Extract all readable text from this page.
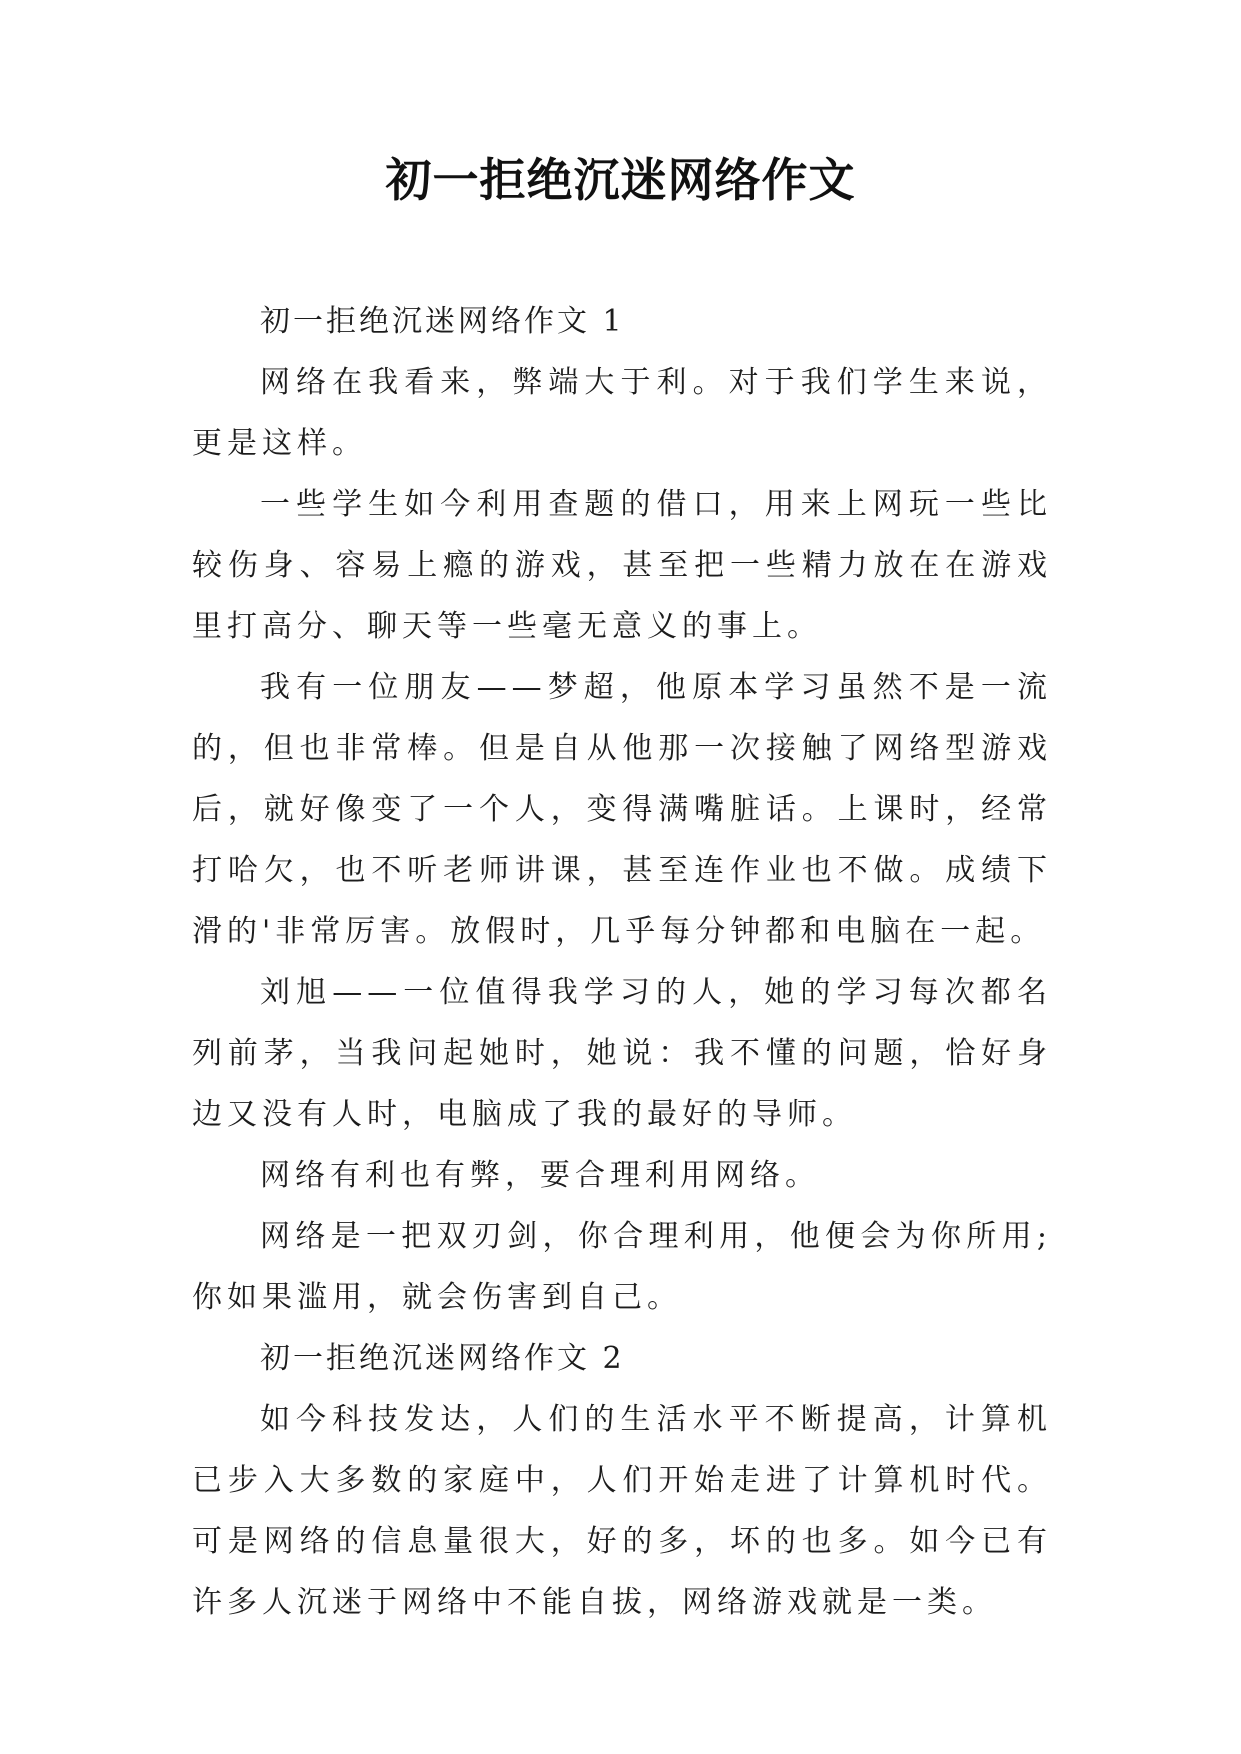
初一拒绝沉迷网络作文

初一拒绝沉迷网络作文 1

网络在我看来，弊端大于利。对于我们学生来说，更是这样。

一些学生如今利用查题的借口，用来上网玩一些比较伤身、容易上瘾的游戏，甚至把一些精力放在在游戏里打高分、聊天等一些毫无意义的事上。

我有一位朋友——梦超，他原本学习虽然不是一流的，但也非常棒。但是自从他那一次接触了网络型游戏后，就好像变了一个人，变得满嘴脏话。上课时，经常打哈欠，也不听老师讲课，甚至连作业也不做。成绩下滑的'非常厉害。放假时，几乎每分钟都和电脑在一起。

刘旭——一位值得我学习的人，她的学习每次都名列前茅，当我问起她时，她说：我不懂的问题，恰好身边又没有人时，电脑成了我的最好的导师。

网络有利也有弊，要合理利用网络。

网络是一把双刃剑，你合理利用，他便会为你所用;你如果滥用，就会伤害到自己。

初一拒绝沉迷网络作文 2

如今科技发达，人们的生活水平不断提高，计算机已步入大多数的家庭中，人们开始走进了计算机时代。可是网络的信息量很大，好的多，坏的也多。如今已有许多人沉迷于网络中不能自拔，网络游戏就是一类。
